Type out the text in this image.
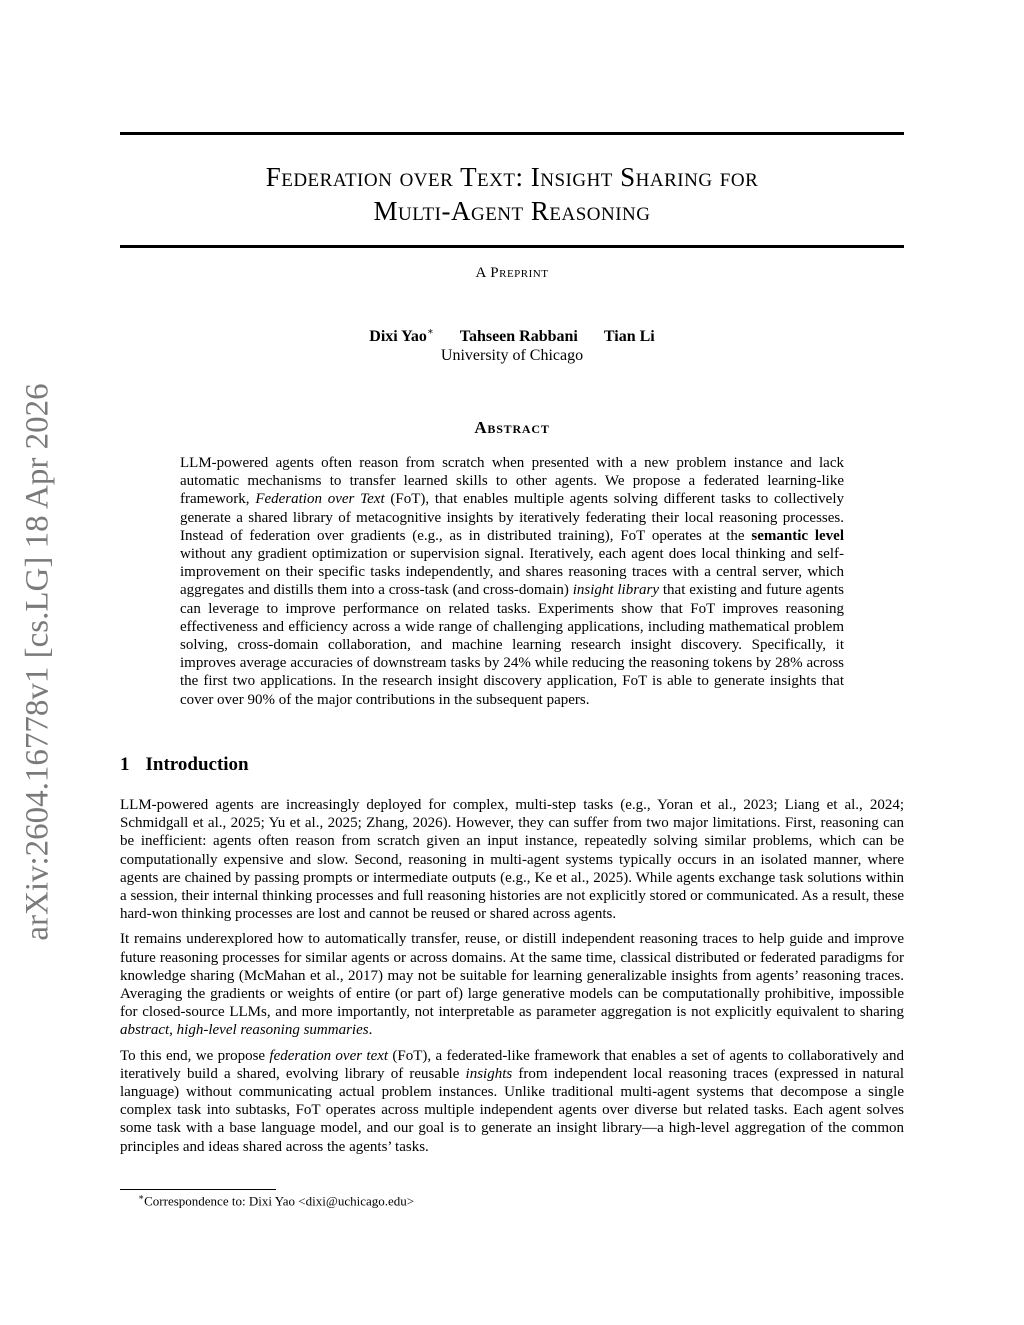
arXiv:2604.16778v1 [cs.LG] 18 Apr 2026
Federation over Text: Insight Sharing for
Multi-Agent Reasoning
A Preprint
Dixi Yao∗ Tahseen Rabbani Tian Li
University of Chicago
Abstract
LLM-powered agents often reason from scratch when presented with a new problem instance and lack automatic mechanisms to transfer learned skills to other agents. We propose a federated learning-like framework, Federation over Text (FoT), that enables multiple agents solving different tasks to collectively generate a shared library of metacognitive insights by iteratively federating their local reasoning processes. Instead of federation over gradients (e.g., as in distributed training), FoT operates at the semantic level without any gradient optimization or supervision signal. Iteratively, each agent does local thinking and self-improvement on their specific tasks independently, and shares reasoning traces with a central server, which aggregates and distills them into a cross-task (and cross-domain) insight library that existing and future agents can leverage to improve performance on related tasks. Experiments show that FoT improves reasoning effectiveness and efficiency across a wide range of challenging applications, including mathematical problem solving, cross-domain collaboration, and machine learning research insight discovery. Specifically, it improves average accuracies of downstream tasks by 24% while reducing the reasoning tokens by 28% across the first two applications. In the research insight discovery application, FoT is able to generate insights that cover over 90% of the major contributions in the subsequent papers.
1 Introduction

LLM-powered agents are increasingly deployed for complex, multi-step tasks (e.g., Yoran et al., 2023; Liang et al., 2024; Schmidgall et al., 2025; Yu et al., 2025; Zhang, 2026). However, they can suffer from two major limitations. First, reasoning can be inefficient: agents often reason from scratch given an input instance, repeatedly solving similar problems, which can be computationally expensive and slow. Second, reasoning in multi-agent systems typically occurs in an isolated manner, where agents are chained by passing prompts or intermediate outputs (e.g., Ke et al., 2025). While agents exchange task solutions within a session, their internal thinking processes and full reasoning histories are not explicitly stored or communicated. As a result, these hard-won thinking processes are lost and cannot be reused or shared across agents.

It remains underexplored how to automatically transfer, reuse, or distill independent reasoning traces to help guide and improve future reasoning processes for similar agents or across domains. At the same time, classical distributed or federated paradigms for knowledge sharing (McMahan et al., 2017) may not be suitable for learning generalizable insights from agents’ reasoning traces. Averaging the gradients or weights of entire (or part of) large generative models can be computationally prohibitive, impossible for closed-source LLMs, and more importantly, not interpretable as parameter aggregation is not explicitly equivalent to sharing abstract, high-level reasoning summaries.

To this end, we propose federation over text (FoT), a federated-like framework that enables a set of agents to collaboratively and iteratively build a shared, evolving library of reusable insights from independent local reasoning traces (expressed in natural language) without communicating actual problem instances. Unlike traditional multi-agent systems that decompose a single complex task into subtasks, FoT operates across multiple independent agents over diverse but related tasks. Each agent solves some task with a base language model, and our goal is to generate an insight library—a high-level aggregation of the common principles and ideas shared across the agents’ tasks.

∗Correspondence to: Dixi Yao <dixi@uchicago.edu>
